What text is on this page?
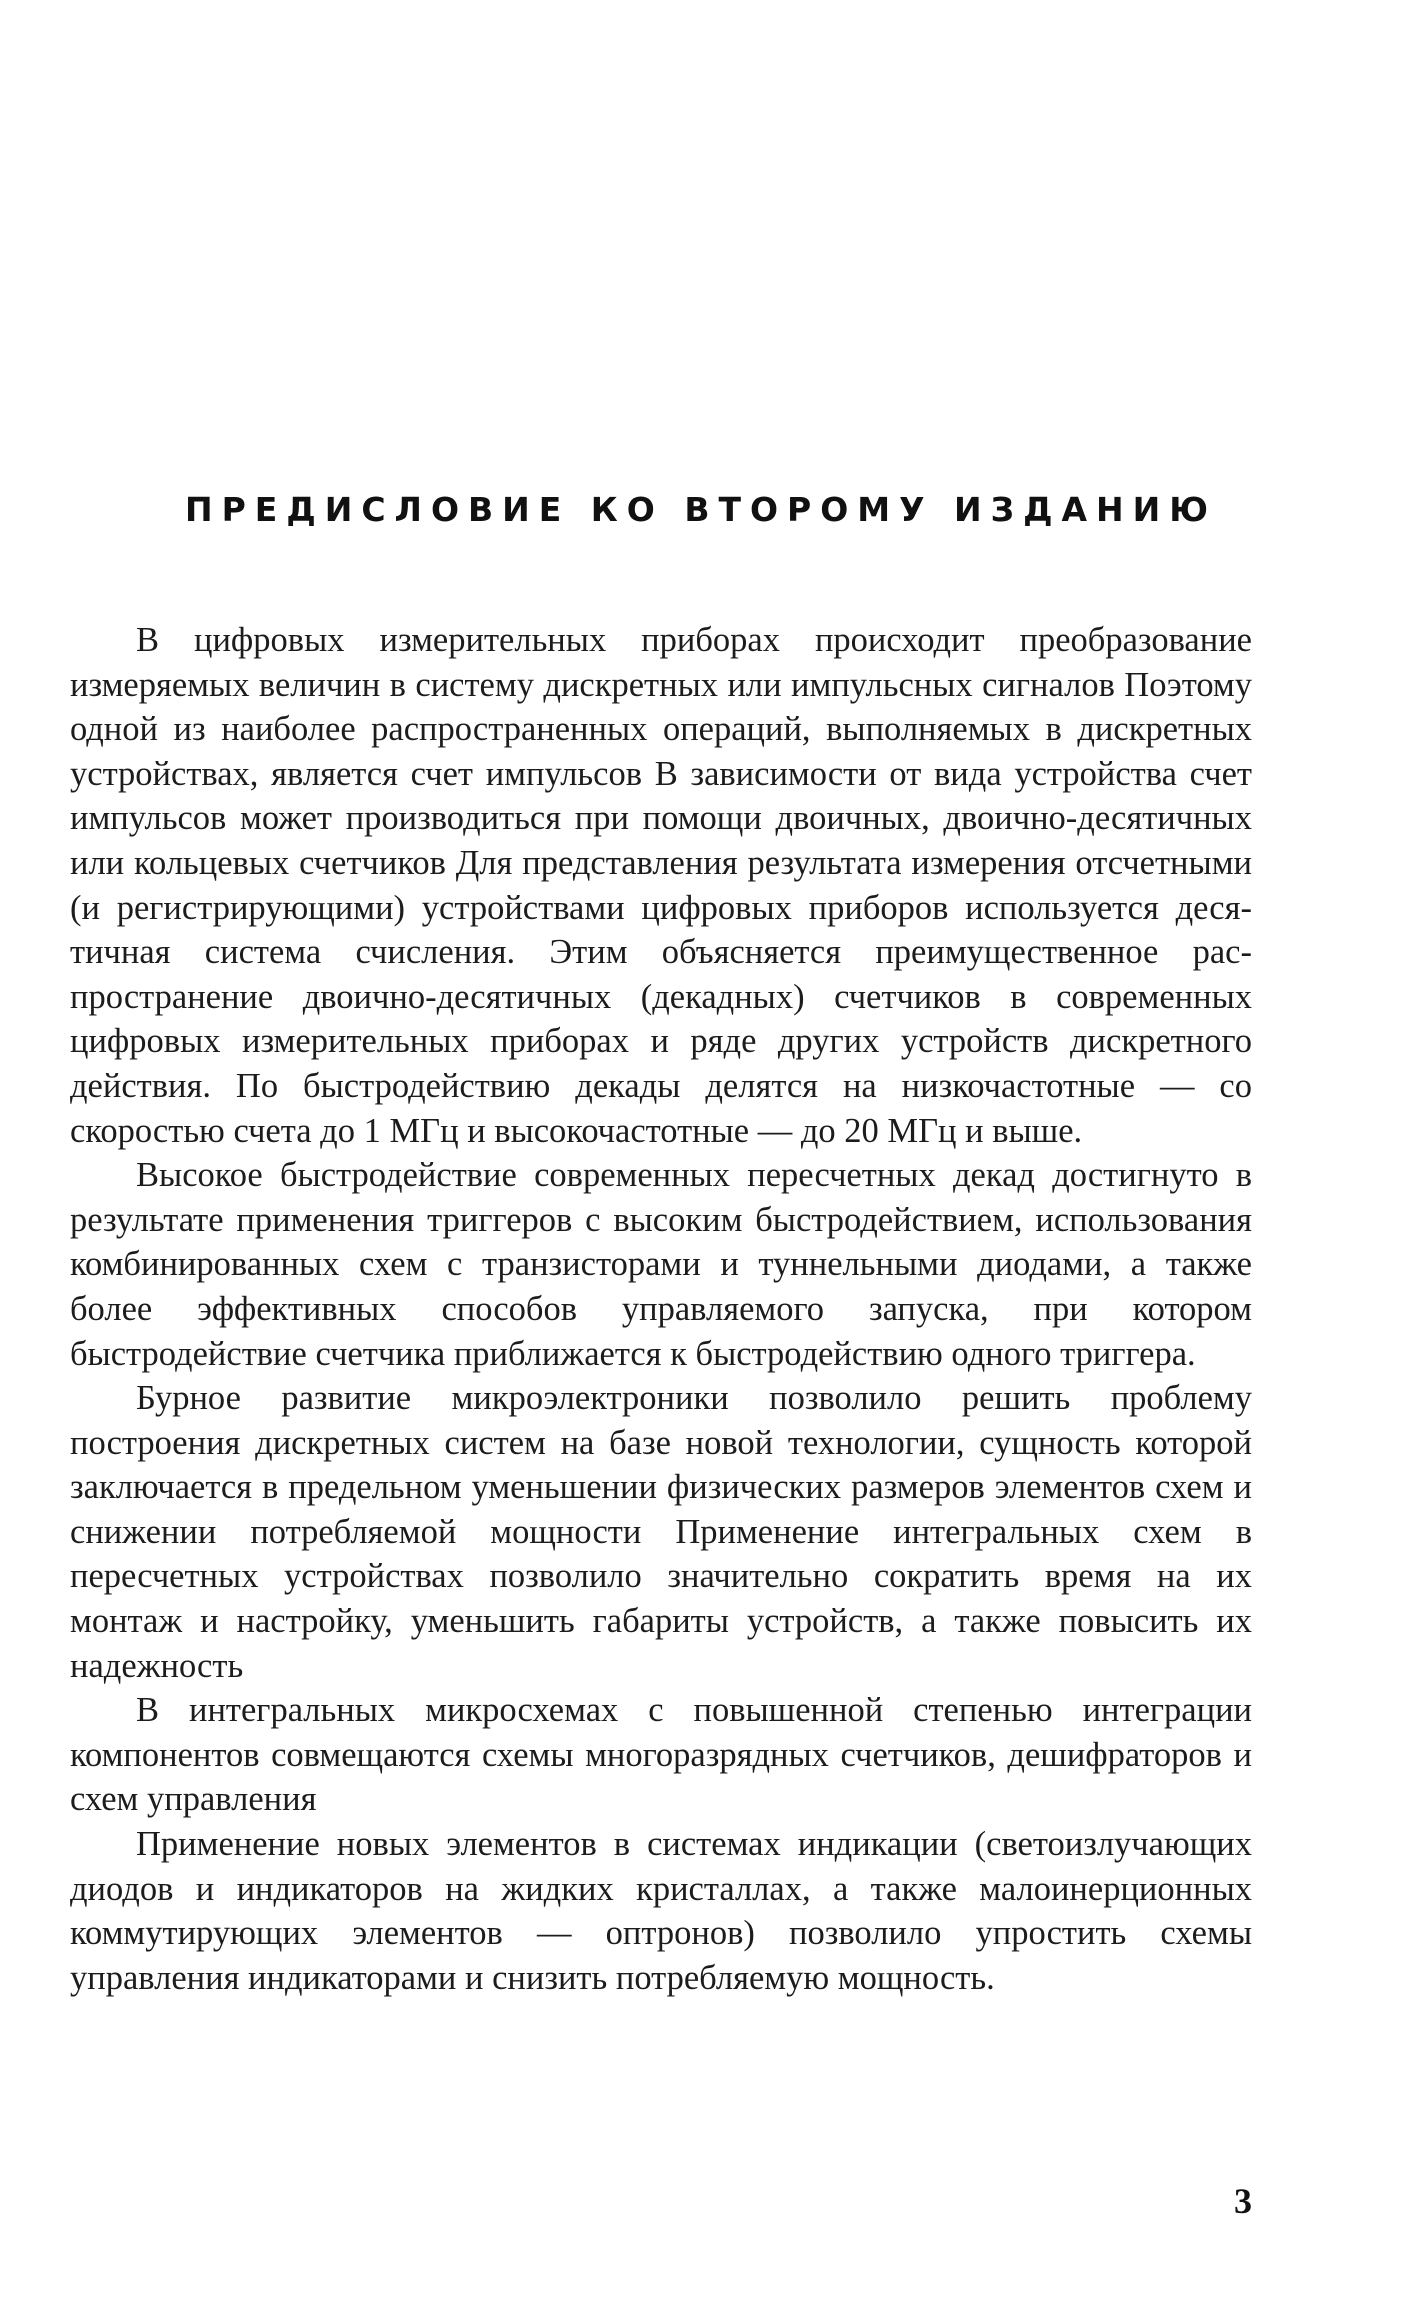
ПРЕДИСЛОВИЕ КО ВТОРОМУ ИЗДАНИЮ

В цифровых измерительных приборах происходит преобразование измеряемых величин в систему дискретных или импульсных сигналов Поэтому одной из наиболее распространенных операций, выполняемых в дискретных устройствах, является счет импульсов В зависимости от вида устройства счет импульсов может производиться при помощи двоичных, двоично-десятичных или кольцевых счетчиков Для представления результата измерения отсчетными (и регистрирующими) устройствами цифровых приборов используется десятичная система счисления. Этим объясняется преимущественное распространение двоично-десятичных (декадных) счетчиков в современных цифровых измерительных приборах и ряде других устройств дискретного действия. По быстродействию декады делятся на низкочастотные — со скоростью счета до 1 МГц и высокочастотные — до 20 МГц и выше.

Высокое быстродействие современных пересчетных декад достигнуто в результате применения триггеров с высоким быстродействием, использования комбинированных схем с транзисторами и туннельными диодами, а также более эффективных способов управляемого запуска, при котором быстродействие счетчика приближается к быстродействию одного триггера.

Бурное развитие микроэлектроники позволило решить проблему построения дискретных систем на базе новой технологии, сущность которой заключается в предельном уменьшении физических размеров элементов схем и снижении потребляемой мощности Применение интегральных схем в пересчетных устройствах позволило значительно сократить время на их монтаж и настройку, уменьшить габариты устройств, а также повысить их надежность

В интегральных микросхемах с повышенной степенью интеграции компонентов совмещаются схемы многоразрядных счетчиков, дешифраторов и схем управления

Применение новых элементов в системах индикации (светоизлучающих диодов и индикаторов на жидких кристаллах, а также малоинерционных коммутирующих элементов — оптронов) позволило упростить схемы управления индикаторами и снизить потребляемую мощность.

3
